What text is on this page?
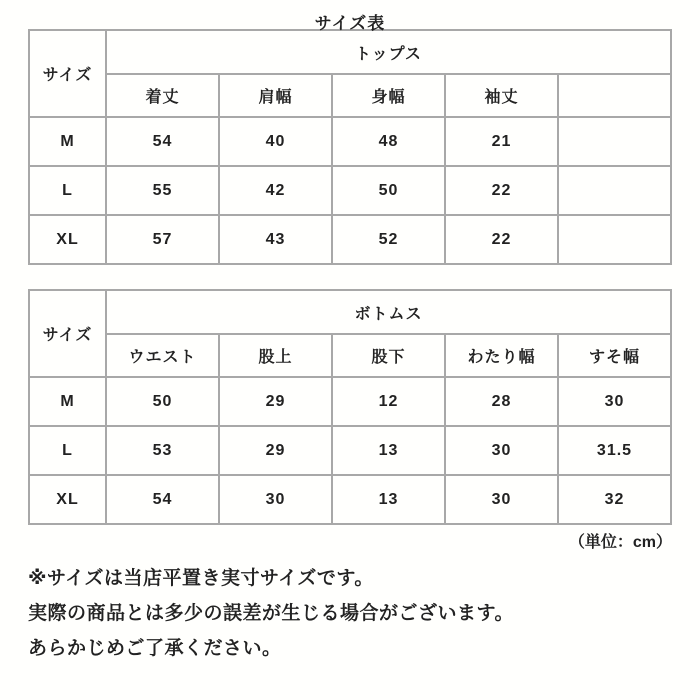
サイズ表
サイズ	トップス				
	着丈	肩幅	身幅	袖丈	
M	54	40	48	21	
L	55	42	50	22	
XL	57	43	52	22	
サイズ	ボトムス				
	ウエスト	股上	股下	わたり幅	すそ幅
M	50	29	12	28	30
L	53	29	13	30	31.5
XL	54	30	13	30	32
（単位：cm）
※サイズは当店平置き実寸サイズです。
実際の商品とは多少の誤差が生じる場合がございます。
あらかじめご了承ください。
